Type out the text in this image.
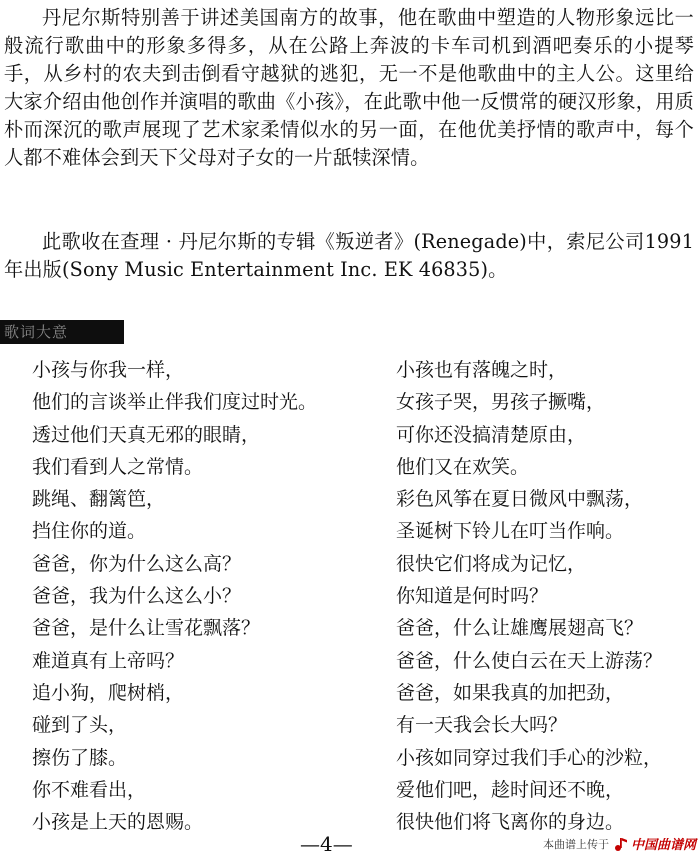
丹尼尔斯特别善于讲述美国南方的故事，他在歌曲中塑造的人物形象远比一般流行歌曲中的形象多得多，从在公路上奔波的卡车司机到酒吧奏乐的小提琴手，从乡村的农夫到击倒看守越狱的逃犯，无一不是他歌曲中的主人公。这里给大家介绍由他创作并演唱的歌曲《小孩》，在此歌中他一反惯常的硬汉形象，用质朴而深沉的歌声展现了艺术家柔情似水的另一面，在他优美抒情的歌声中，每个人都不难体会到天下父母对子女的一片舐犊深情。

此歌收在查理 · 丹尼尔斯的专辑《叛逆者》(Renegade)中，索尼公司1991年出版(Sony Music Entertainment Inc. EK 46835)。

歌词大意
小孩与你我一样，
他们的言谈举止伴我们度过时光。
透过他们天真无邪的眼睛，
我们看到人之常情。
跳绳、翻篱笆，
挡住你的道。
爸爸，你为什么这么高？
爸爸，我为什么这么小？
爸爸，是什么让雪花飘落？
难道真有上帝吗？
追小狗，爬树梢，
碰到了头，
擦伤了膝。
你不难看出，
小孩是上天的恩赐。
小孩也有落魄之时，
女孩子哭，男孩子撅嘴，
可你还没搞清楚原由，
他们又在欢笑。
彩色风筝在夏日微风中飘荡，
圣诞树下铃儿在叮当作响。
很快它们将成为记忆，
你知道是何时吗？
爸爸，什么让雄鹰展翅高飞？
爸爸，什么使白云在天上游荡？
爸爸，如果我真的加把劲，
有一天我会长大吗？
小孩如同穿过我们手心的沙粒，
爱他们吧，趁时间还不晚，
很快他们将飞离你的身边。
—4—	本曲谱上传于 中国曲谱网
